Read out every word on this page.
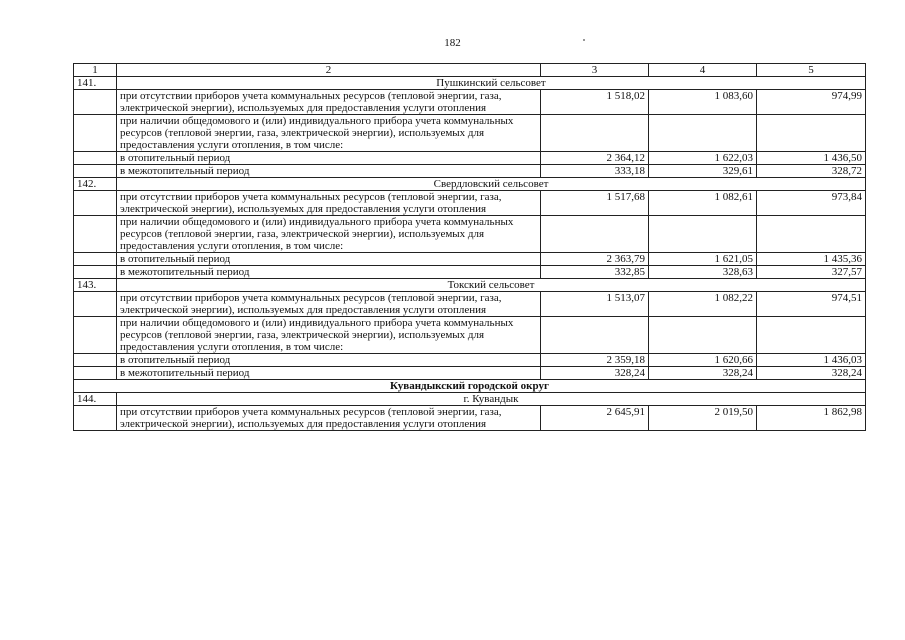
182
1	2	3	4	5
141.	Пушкинский сельсовет			
	при отсутствии приборов учета коммунальных ресурсов (тепловой энергии, газа, электрической энергии), используемых для предоставления услуги отопления	1 518,02	1 083,60	974,99
	при наличии общедомового и (или) индивидуального прибора учета коммунальных ресурсов (тепловой энергии, газа, электрической энергии), используемых для предоставления услуги отопления, в том числе:			
	в отопительный период	2 364,12	1 622,03	1 436,50
	в межотопительный период	333,18	329,61	328,72
142.	Свердловский сельсовет			
	при отсутствии приборов учета коммунальных ресурсов (тепловой энергии, газа, электрической энергии), используемых для предоставления услуги отопления	1 517,68	1 082,61	973,84
	при наличии общедомового и (или) индивидуального прибора учета коммунальных ресурсов (тепловой энергии, газа, электрической энергии), используемых для предоставления услуги отопления, в том числе:			
	в отопительный период	2 363,79	1 621,05	1 435,36
	в межотопительный период	332,85	328,63	327,57
143.	Токский сельсовет			
	при отсутствии приборов учета коммунальных ресурсов (тепловой энергии, газа, электрической энергии), используемых для предоставления услуги отопления	1 513,07	1 082,22	974,51
	при наличии общедомового и (или) индивидуального прибора учета коммунальных ресурсов (тепловой энергии, газа, электрической энергии), используемых для предоставления услуги отопления, в том числе:			
	в отопительный период	2 359,18	1 620,66	1 436,03
	в межотопительный период	328,24	328,24	328,24
Кувандыкский городской округ				
144.	г. Кувандык			
	при отсутствии приборов учета коммунальных ресурсов (тепловой энергии, газа, электрической энергии), используемых для предоставления услуги отопления	2 645,91	2 019,50	1 862,98
